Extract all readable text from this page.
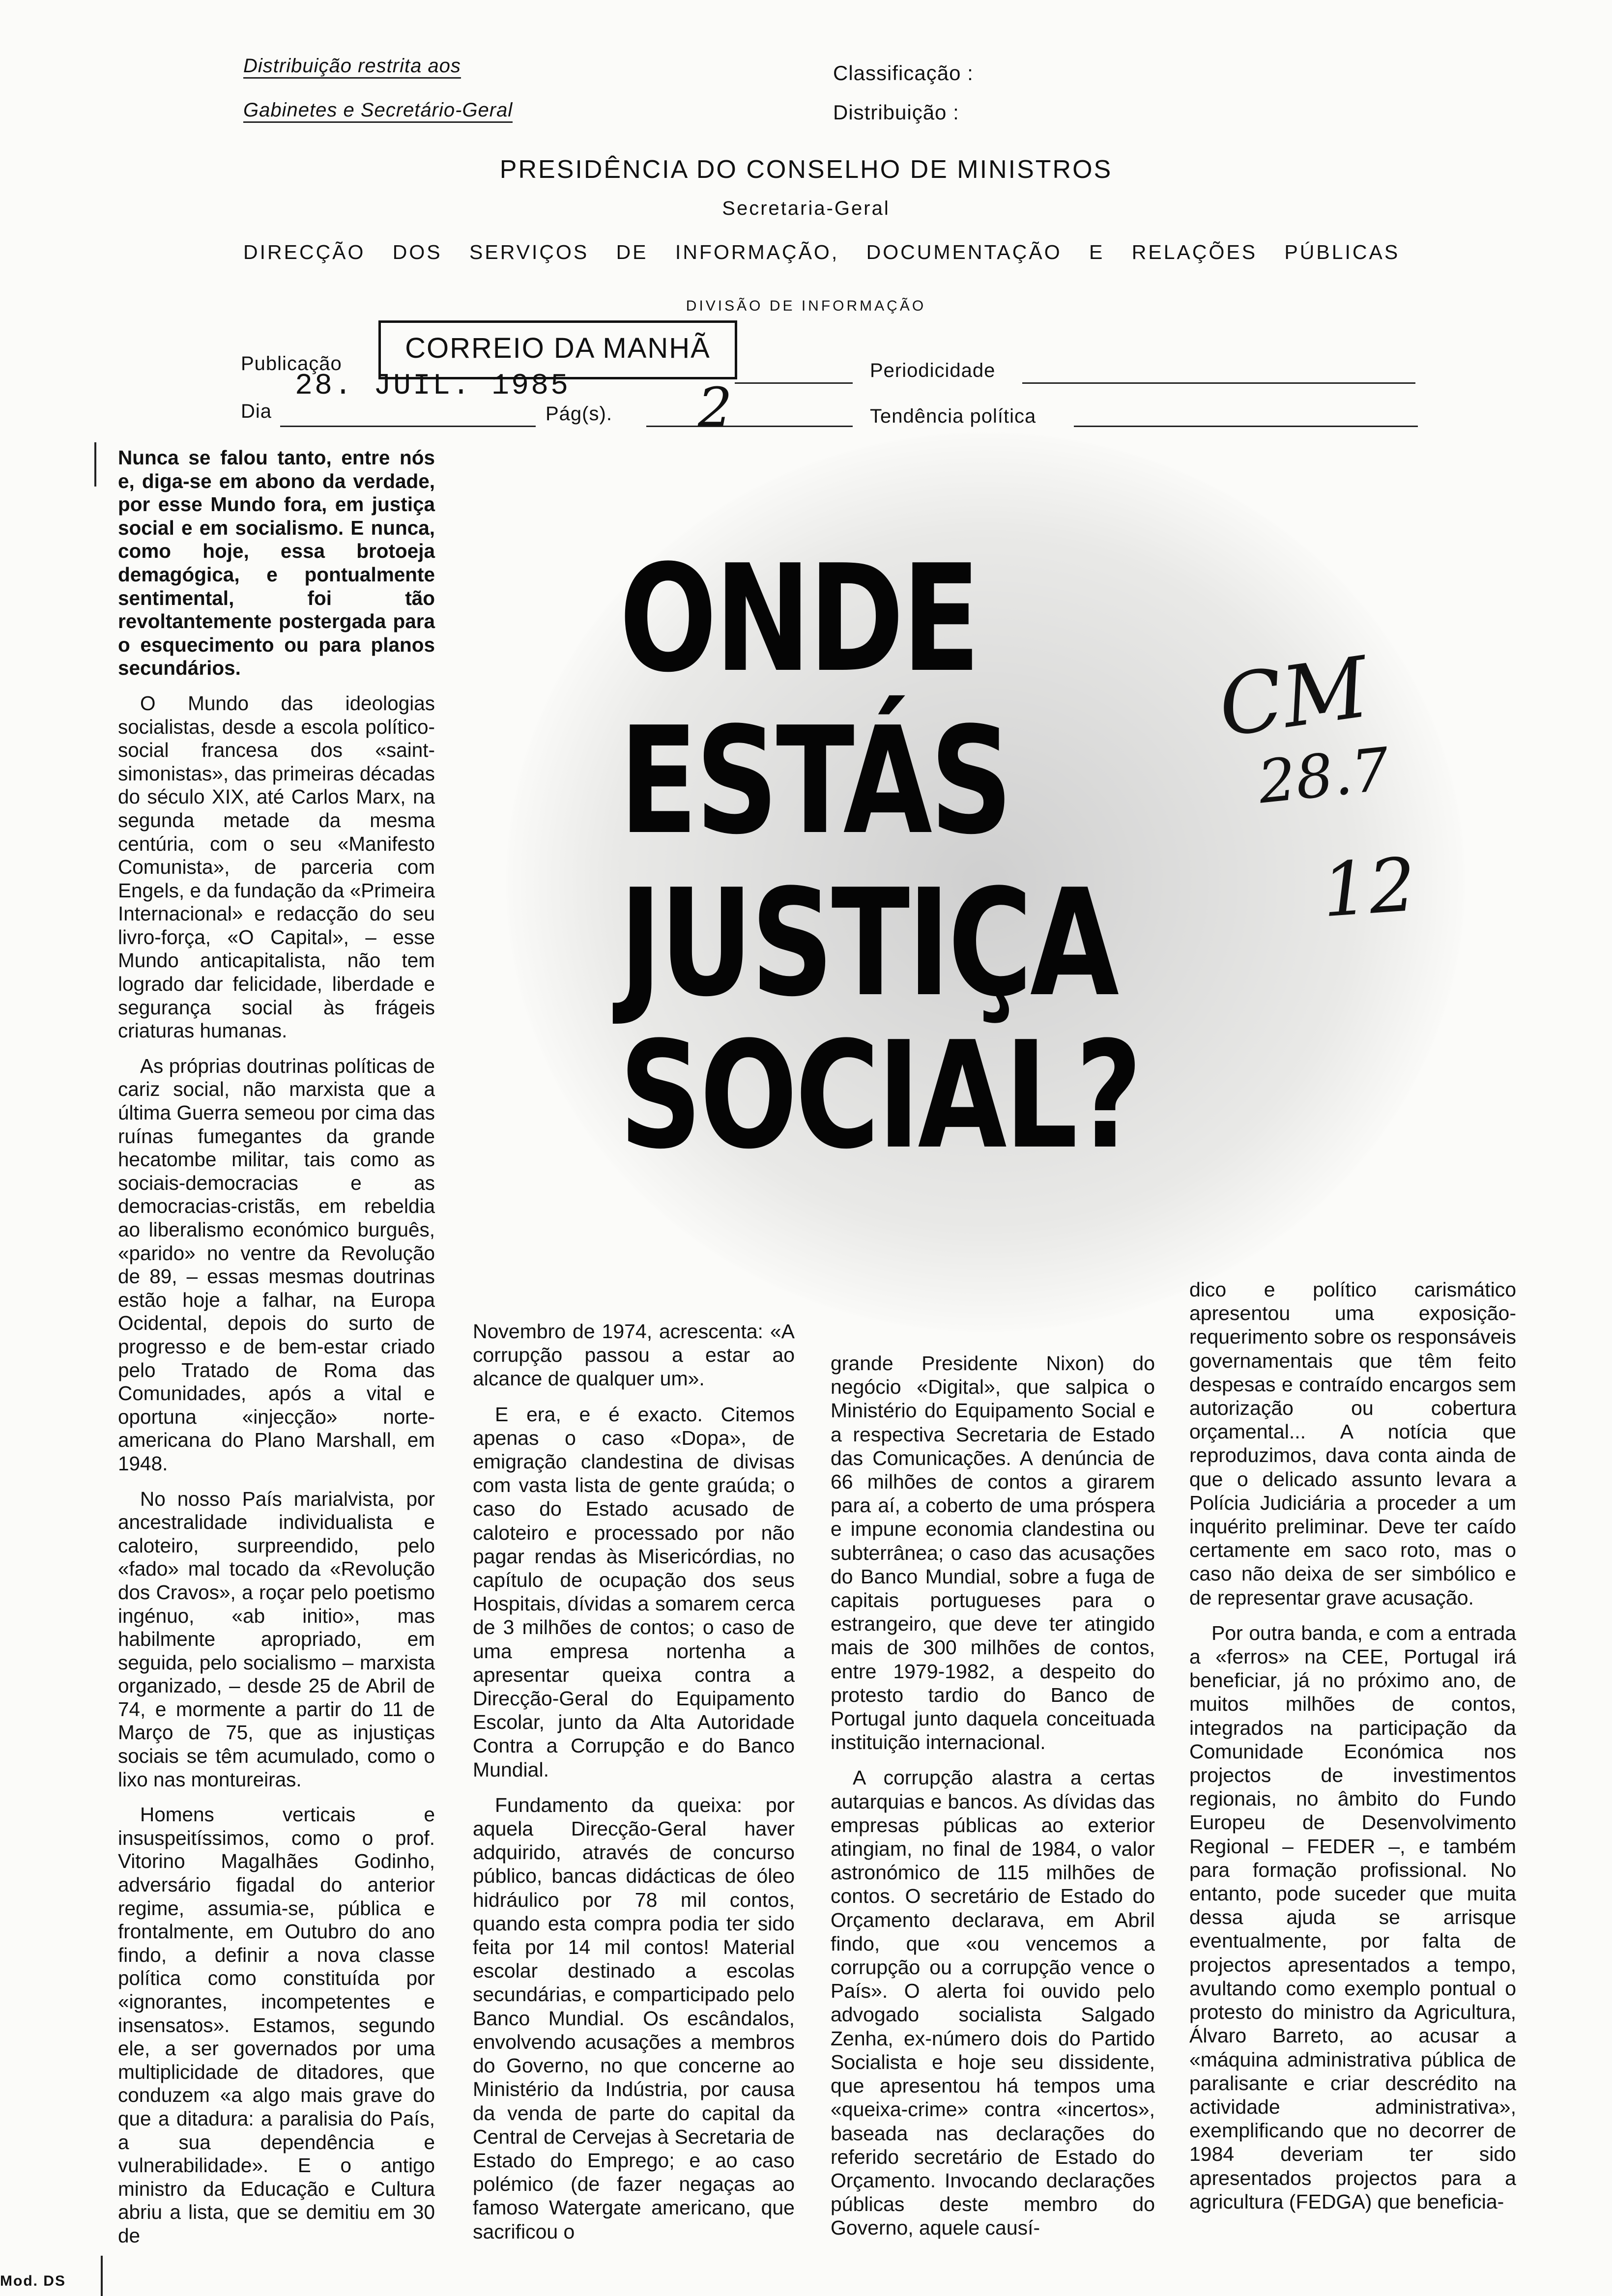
Distribuição restrita aos
Gabinetes e Secretário-Geral
Classificação :
Distribuição :
PRESIDÊNCIA DO CONSELHO DE MINISTROS
Secretaria-Geral
DIRECÇÃO DOS SERVIÇOS DE INFORMAÇÃO, DOCUMENTAÇÃO E RELAÇÕES PÚBLICAS
DIVISÃO DE INFORMAÇÃO
Publicação	CORREIO DA MANHÃ
Periodicidade
Dia
28. JUIL. 1985
Pág(s). 2	Tendência política
ONDE
ESTÁS
JUSTIÇA
SOCIAL?
CM
28.7
12

Nunca se falou tanto, entre nós e, diga-se em abono da verdade, por esse Mundo fora, em justiça social e em socialismo. E nunca, como hoje, essa brotoeja demagógica, e pontualmente sentimental, foi tão revoltantemente postergada para o esquecimento ou para planos secundários.

O Mundo das ideologias socialistas, desde a escola político-social francesa dos «saint-simonistas», das primeiras décadas do século XIX, até Carlos Marx, na segunda metade da mesma centúria, com o seu «Manifesto Comunista», de parceria com Engels, e da fundação da «Primeira Internacional» e redacção do seu livro-força, «O Capital», – esse Mundo anticapitalista, não tem logrado dar felicidade, liberdade e segurança social às frágeis criaturas humanas.

As próprias doutrinas políticas de cariz social, não marxista que a última Guerra semeou por cima das ruínas fumegantes da grande hecatombe militar, tais como as sociais-democracias e as democracias-cristãs, em rebeldia ao liberalismo económico burguês, «parido» no ventre da Revolução de 89, – essas mesmas doutrinas estão hoje a falhar, na Europa Ocidental, depois do surto de progresso e de bem-estar criado pelo Tratado de Roma das Comunidades, após a vital e oportuna «injecção» norte-americana do Plano Marshall, em 1948.

No nosso País marialvista, por ancestralidade individualista e caloteiro, surpreendido, pelo «fado» mal tocado da «Revolução dos Cravos», a roçar pelo poetismo ingénuo, «ab initio», mas habilmente apropriado, em seguida, pelo socialismo – marxista organizado, – desde 25 de Abril de 74, e mormente a partir do 11 de Março de 75, que as injustiças sociais se têm acumulado, como o lixo nas montureiras.

Homens verticais e insuspeitíssimos, como o prof. Vitorino Magalhães Godinho, adversário figadal do anterior regime, assumia-se, pública e frontalmente, em Outubro do ano findo, a definir a nova classe política como constituída por «ignorantes, incompetentes e insensatos». Estamos, segundo ele, a ser governados por uma multiplicidade de ditadores, que conduzem «a algo mais grave do que a ditadura: a paralisia do País, a sua dependência e vulnerabilidade». E o antigo ministro da Educação e Cultura abriu a lista, que se demitiu em 30 de

Novembro de 1974, acrescenta: «A corrupção passou a estar ao alcance de qualquer um».

E era, e é exacto. Citemos apenas o caso «Dopa», de emigração clandestina de divisas com vasta lista de gente graúda; o caso do Estado acusado de caloteiro e processado por não pagar rendas às Misericórdias, no capítulo de ocupação dos seus Hospitais, dívidas a somarem cerca de 3 milhões de contos; o caso de uma empresa nortenha a apresentar queixa contra a Direcção-Geral do Equipamento Escolar, junto da Alta Autoridade Contra a Corrupção e do Banco Mundial.

Fundamento da queixa: por aquela Direcção-Geral haver adquirido, através de concurso público, bancas didácticas de óleo hidráulico por 78 mil contos, quando esta compra podia ter sido feita por 14 mil contos! Material escolar destinado a escolas secundárias, e comparticipado pelo Banco Mundial. Os escândalos, envolvendo acusações a membros do Governo, no que concerne ao Ministério da Indústria, por causa da venda de parte do capital da Central de Cervejas à Secretaria de Estado do Emprego; e ao caso polémico (de fazer negaças ao famoso Watergate americano, que sacrificou o

grande Presidente Nixon) do negócio «Digital», que salpica o Ministério do Equipamento Social e a respectiva Secretaria de Estado das Comunicações. A denúncia de 66 milhões de contos a girarem para aí, a coberto de uma próspera e impune economia clandestina ou subterrânea; o caso das acusações do Banco Mundial, sobre a fuga de capitais portugueses para o estrangeiro, que deve ter atingido mais de 300 milhões de contos, entre 1979-1982, a despeito do protesto tardio do Banco de Portugal junto daquela conceituada instituição internacional.

A corrupção alastra a certas autarquias e bancos. As dívidas das empresas públicas ao exterior atingiam, no final de 1984, o valor astronómico de 115 milhões de contos. O secretário de Estado do Orçamento declarava, em Abril findo, que «ou vencemos a corrupção ou a corrupção vence o País». O alerta foi ouvido pelo advogado socialista Salgado Zenha, ex-número dois do Partido Socialista e hoje seu dissidente, que apresentou há tempos uma «queixa-crime» contra «incertos», baseada nas declarações do referido secretário de Estado do Orçamento. Invocando declarações públicas deste membro do Governo, aquele causí-

dico e político carismático apresentou uma exposição-requerimento sobre os responsáveis governamentais que têm feito despesas e contraído encargos sem autorização ou cobertura orçamental... A notícia que reproduzimos, dava conta ainda de que o delicado assunto levara a Polícia Judiciária a proceder a um inquérito preliminar. Deve ter caído certamente em saco roto, mas o caso não deixa de ser simbólico e de representar grave acusação.

Por outra banda, e com a entrada a «ferros» na CEE, Portugal irá beneficiar, já no próximo ano, de muitos milhões de contos, integrados na participação da Comunidade Económica nos projectos de investimentos regionais, no âmbito do Fundo Europeu de Desenvolvimento Regional – FEDER –, e também para formação profissional. No entanto, pode suceder que muita dessa ajuda se arrisque eventualmente, por falta de projectos apresentados a tempo, avultando como exemplo pontual o protesto do ministro da Agricultura, Álvaro Barreto, ao acusar a «máquina administrativa pública de paralisante e criar descrédito na actividade administrativa», exemplificando que no decorrer de 1984 deveriam ter sido apresentados projectos para a agricultura (FEDGA) que beneficia-

Mod. DS
